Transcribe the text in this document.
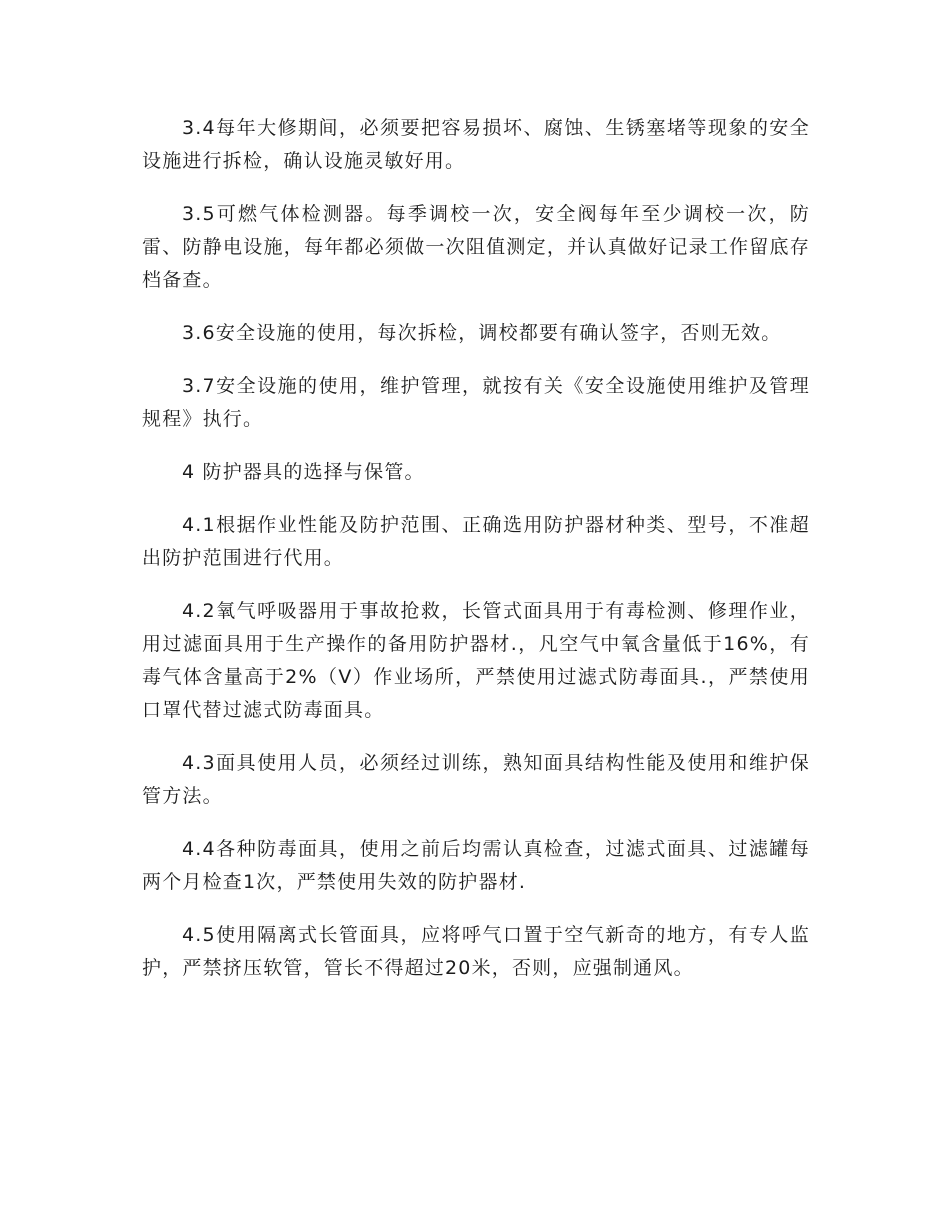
3.4每年大修期间，必须要把容易损坏、腐蚀、生锈塞堵等现象的安全设施进行拆检，确认设施灵敏好用。

3.5可燃气体检测器。每季调校一次，安全阀每年至少调校一次，防雷、防静电设施，每年都必须做一次阻值测定，并认真做好记录工作留底存档备查。

3.6安全设施的使用，每次拆检，调校都要有确认签字，否则无效。

3.7安全设施的使用，维护管理，就按有关《安全设施使用维护及管理规程》执行。

4 防护器具的选择与保管。

4.1根据作业性能及防护范围、正确选用防护器材种类、型号，不准超出防护范围进行代用。

4.2氧气呼吸器用于事故抢救，长管式面具用于有毒检测、修理作业，用过滤面具用于生产操作的备用防护器材.，凡空气中氧含量低于16%，有毒气体含量高于2%（V）作业场所，严禁使用过滤式防毒面具.，严禁使用口罩代替过滤式防毒面具。

4.3面具使用人员，必须经过训练，熟知面具结构性能及使用和维护保管方法。

4.4各种防毒面具，使用之前后均需认真检查，过滤式面具、过滤罐每两个月检查1次，严禁使用失效的防护器材.

4.5使用隔离式长管面具，应将呼气口置于空气新奇的地方，有专人监护，严禁挤压软管，管长不得超过20米，否则，应强制通风。
